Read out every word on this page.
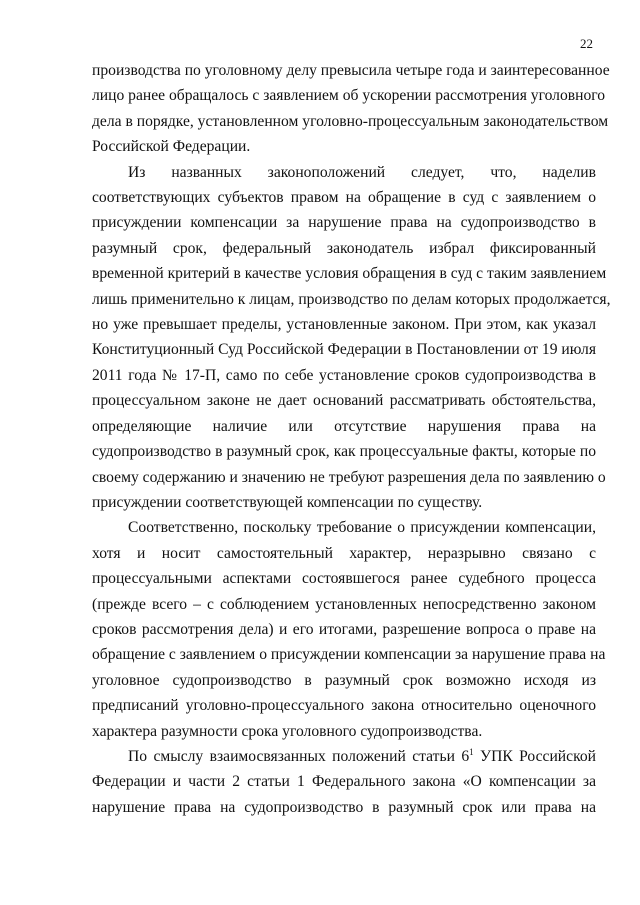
22
производства по уголовному делу превысила четыре года и заинтересованное
лицо ранее обращалось с заявлением об ускорении рассмотрения уголовного
дела в порядке, установленном уголовно-процессуальным законодательством
Российской Федерации.
Из названных законоположений следует, что, наделив
соответствующих субъектов правом на обращение в суд с заявлением о
присуждении компенсации за нарушение права на судопроизводство в
разумный срок, федеральный законодатель избрал фиксированный
временной критерий в качестве условия обращения в суд с таким заявлением
лишь применительно к лицам, производство по делам которых продолжается,
но уже превышает пределы, установленные законом. При этом, как указал
Конституционный Суд Российской Федерации в Постановлении от 19 июля
2011 года № 17-П, само по себе установление сроков судопроизводства в
процессуальном законе не дает оснований рассматривать обстоятельства,
определяющие наличие или отсутствие нарушения права на
судопроизводство в разумный срок, как процессуальные факты, которые по
своему содержанию и значению не требуют разрешения дела по заявлению о
присуждении соответствующей компенсации по существу.
Соответственно, поскольку требование о присуждении компенсации,
хотя и носит самостоятельный характер, неразрывно связано с
процессуальными аспектами состоявшегося ранее судебного процесса
(прежде всего – с соблюдением установленных непосредственно законом
сроков рассмотрения дела) и его итогами, разрешение вопроса о праве на
обращение с заявлением о присуждении компенсации за нарушение права на
уголовное судопроизводство в разумный срок возможно исходя из
предписаний уголовно-процессуального закона относительно оценочного
характера разумности срока уголовного судопроизводства.
По смыслу взаимосвязанных положений статьи $6^1$ УПК Российской
Федерации и части 2 статьи 1 Федерального закона «О компенсации за
нарушение права на судопроизводство в разумный срок или права на
